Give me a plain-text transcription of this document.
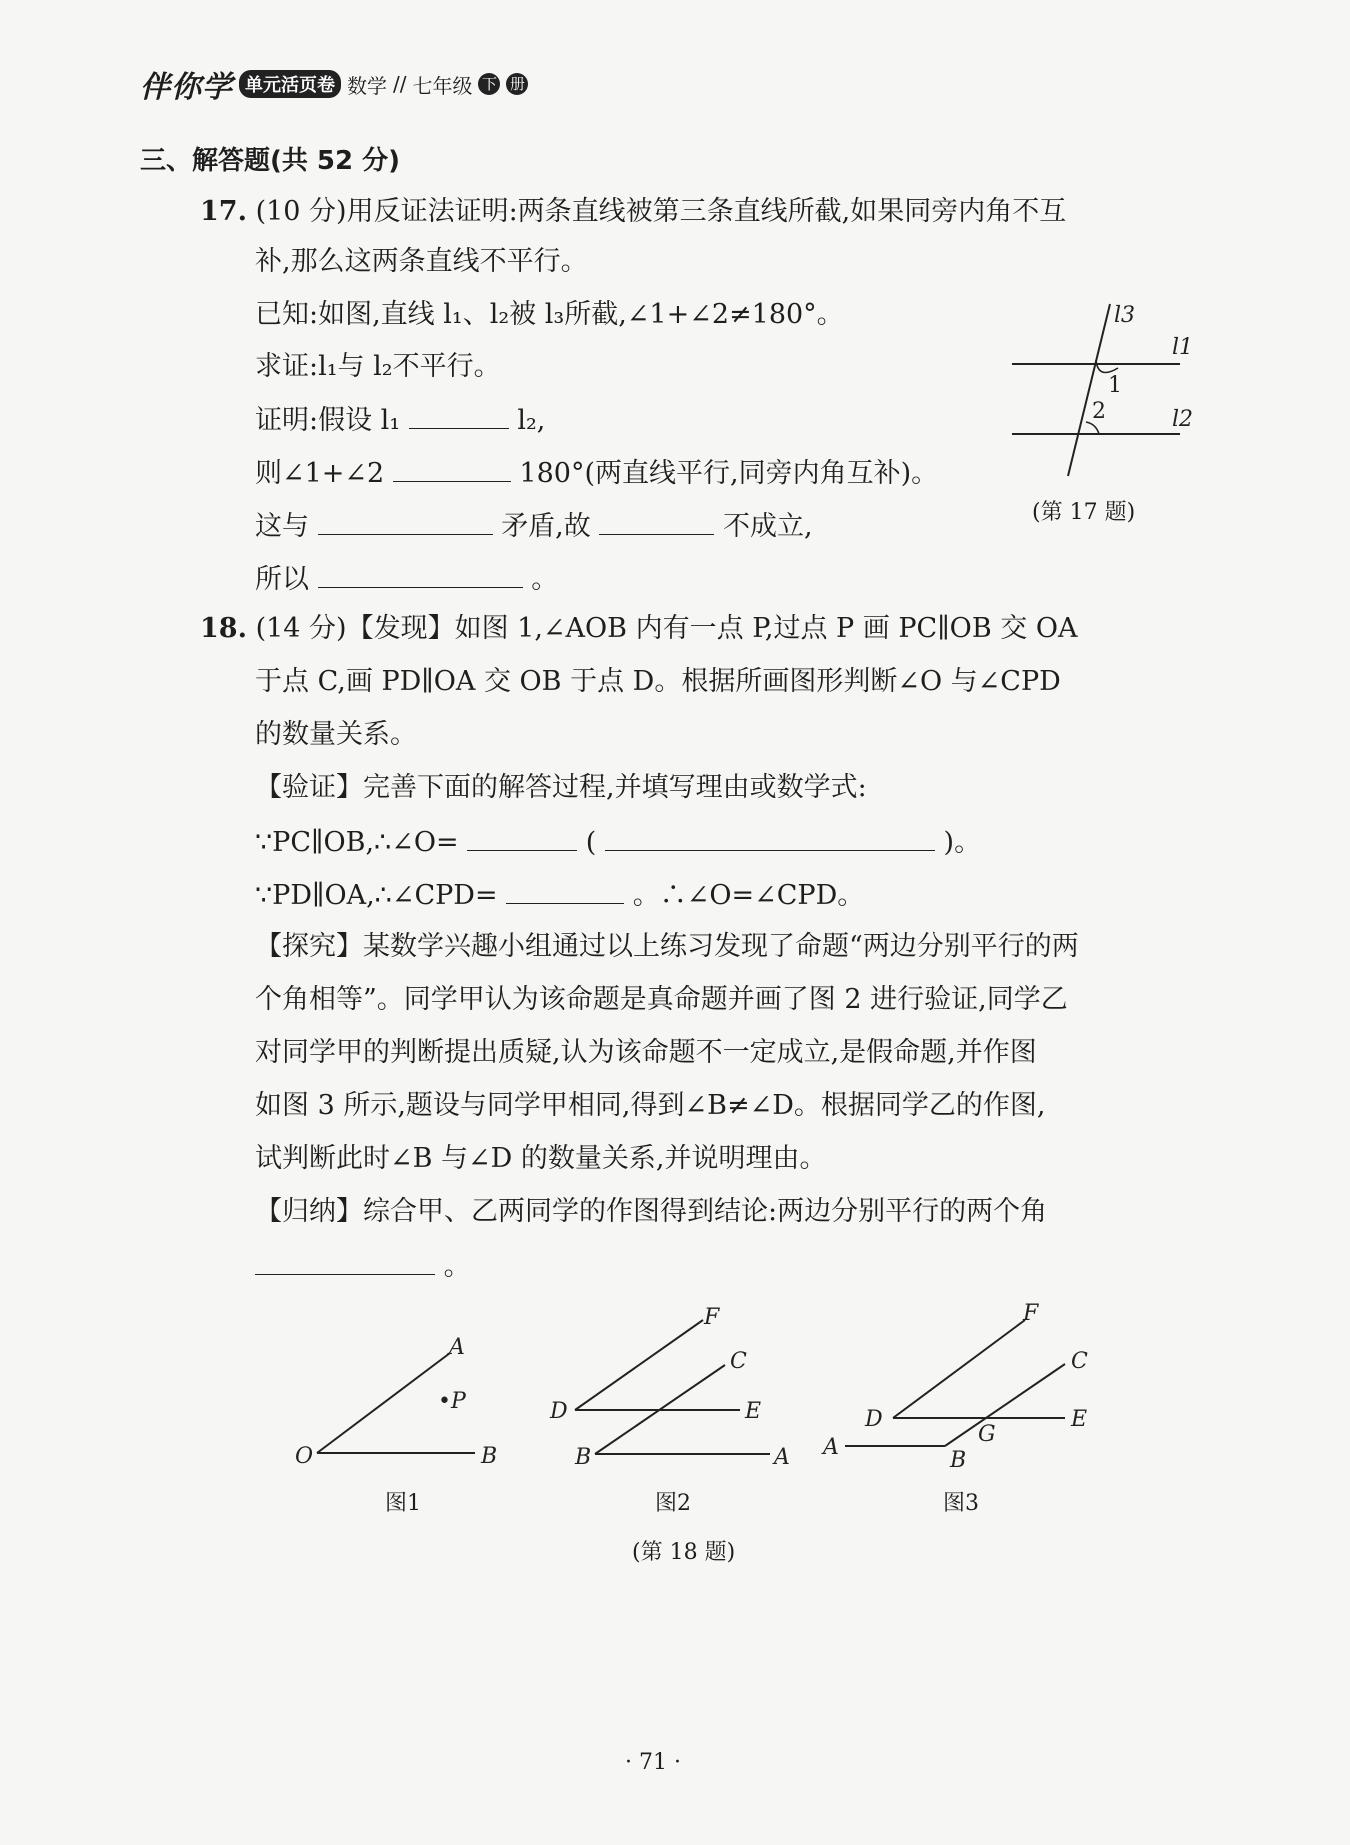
伴你学 单元活页卷 数学 // 七年级 下 册
三、解答题(共 52 分)
17. (10 分)用反证法证明:两条直线被第三条直线所截,如果同旁内角不互
补,那么这两条直线不平行。
已知:如图,直线 l₁、l₂被 l₃所截,∠1+∠2≠180°。
求证:l₁与 l₂不平行。
证明:假设 l₁	l₂,
则∠1+∠2	180°(两直线平行,同旁内角互补)。
这与	矛盾,故	不成立,
所以	。
l3
l1
l2
1
2
(第 17 题)
18. (14 分)【发现】如图 1,∠AOB 内有一点 P,过点 P 画 PC∥OB 交 OA
于点 C,画 PD∥OA 交 OB 于点 D。根据所画图形判断∠O 与∠CPD
的数量关系。
【验证】完善下面的解答过程,并填写理由或数学式:
∵PC∥OB,∴∠O=	(	)。
∵PD∥OA,∴∠CPD=	。∴∠O=∠CPD。
【探究】某数学兴趣小组通过以上练习发现了命题“两边分别平行的两
个角相等”。同学甲认为该命题是真命题并画了图 2 进行验证,同学乙
对同学甲的判断提出质疑,认为该命题不一定成立,是假命题,并作图
如图 3 所示,题设与同学甲相同,得到∠B≠∠D。根据同学乙的作图,
试判断此时∠B 与∠D 的数量关系,并说明理由。
【归纳】综合甲、乙两同学的作图得到结论:两边分别平行的两个角
。
A
•P
O	B
图1
F
C
D	E
B	A
图2
F
C
D	E
G
A
B
图3
(第 18 题)
· 71 ·
